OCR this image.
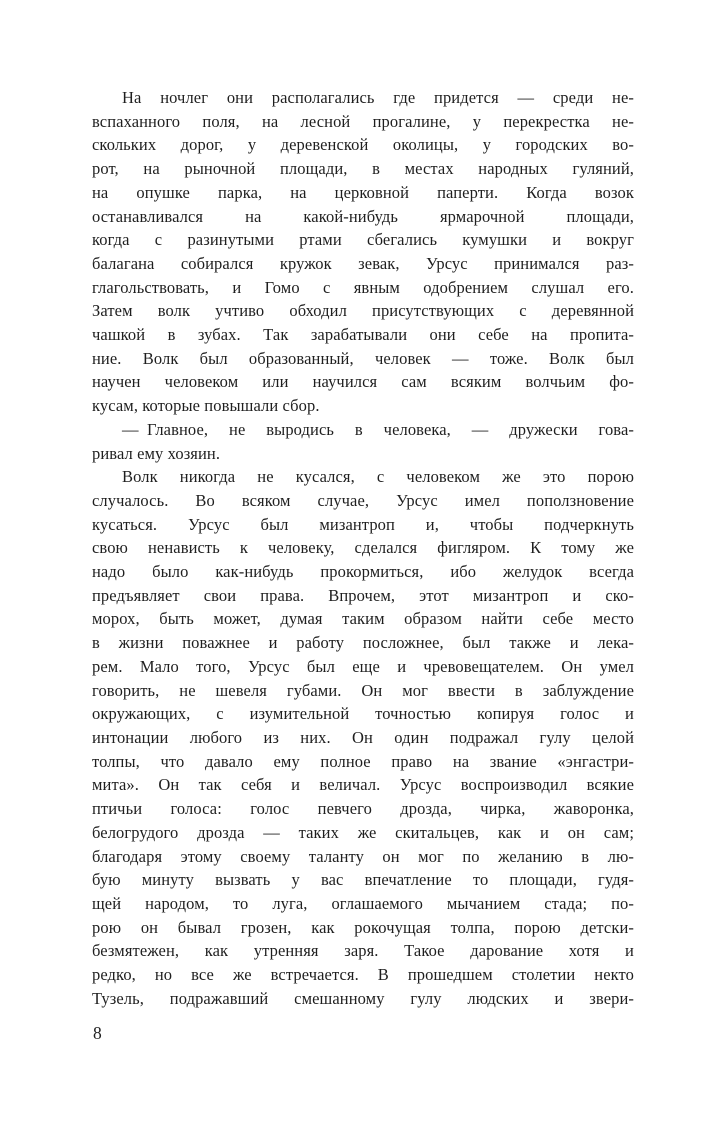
На ночлег они располагались где придется — среди не-
вспаханного поля, на лесной прогалине, у перекрестка не-
скольких дорог, у деревенской околицы, у городских во-
рот, на рыночной площади, в местах народных гуляний,
на опушке парка, на церковной паперти. Когда возок
останавливался на какой-нибудь ярмарочной площади,
когда с разинутыми ртами сбегались кумушки и вокруг
балагана собирался кружок зевак, Урсус принимался раз-
глагольствовать, и Гомо с явным одобрением слушал его.
Затем волк учтиво обходил присутствующих с деревянной
чашкой в зубах. Так зарабатывали они себе на пропита-
ние. Волк был образованный, человек — тоже. Волк был
научен человеком или научился сам всяким волчьим фо-
кусам, которые повышали сбор.
— Главное, не выродись в человека, — дружески гова-
ривал ему хозяин.
Волк никогда не кусался, с человеком же это порою
случалось. Во всяком случае, Урсус имел поползновение
кусаться. Урсус был мизантроп и, чтобы подчеркнуть
свою ненависть к человеку, сделался фигляром. К тому же
надо было как-нибудь прокормиться, ибо желудок всегда
предъявляет свои права. Впрочем, этот мизантроп и ско-
морох, быть может, думая таким образом найти себе место
в жизни поважнее и работу посложнее, был также и лека-
рем. Мало того, Урсус был еще и чревовещателем. Он умел
говорить, не шевеля губами. Он мог ввести в заблуждение
окружающих, с изумительной точностью копируя голос и
интонации любого из них. Он один подражал гулу целой
толпы, что давало ему полное право на звание «энгастри-
мита». Он так себя и величал. Урсус воспроизводил всякие
птичьи голоса: голос певчего дрозда, чирка, жаворонка,
белогрудого дрозда — таких же скитальцев, как и он сам;
благодаря этому своему таланту он мог по желанию в лю-
бую минуту вызвать у вас впечатление то площади, гудя-
щей народом, то луга, оглашаемого мычанием стада; по-
рою он бывал грозен, как рокочущая толпа, порою детски-
безмятежен, как утренняя заря. Такое дарование хотя и
редко, но все же встречается. В прошедшем столетии некто
Тузель, подражавший смешанному гулу людских и звери-
8
